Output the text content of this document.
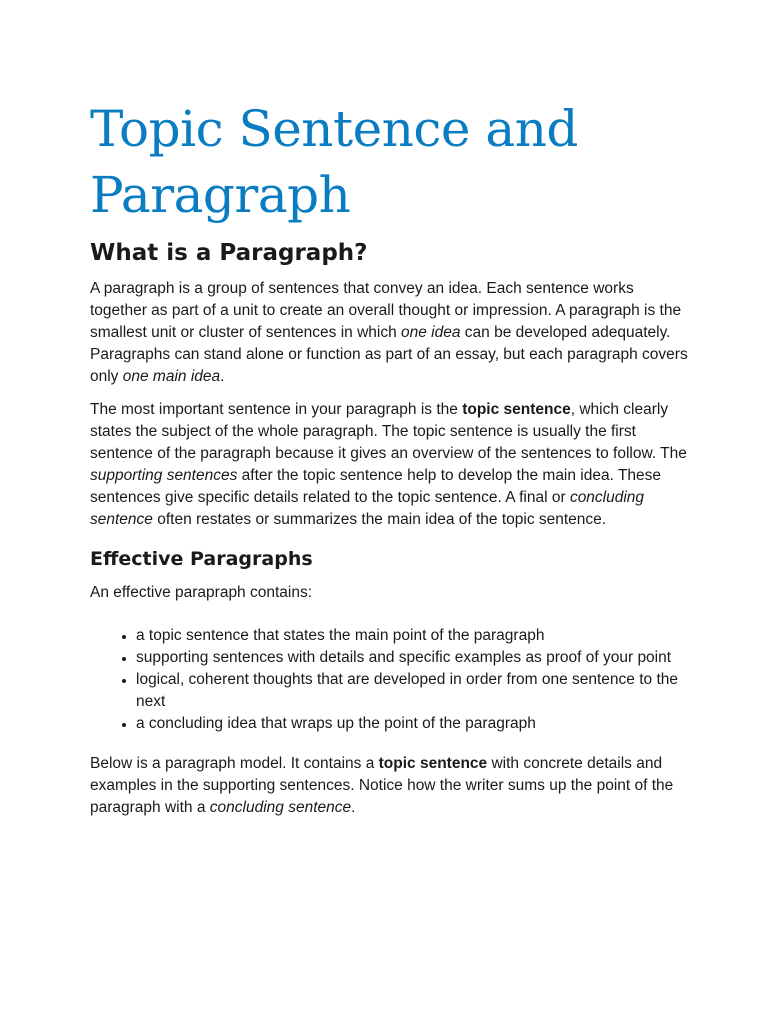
Topic Sentence and
Paragraph
What is a Paragraph?

A paragraph is a group of sentences that convey an idea. Each sentence works together as part of a unit to create an overall thought or impression. A paragraph is the smallest unit or cluster of sentences in which one idea can be developed adequately. Paragraphs can stand alone or function as part of an essay, but each paragraph covers only one main idea.

The most important sentence in your paragraph is the topic sentence, which clearly states the subject of the whole paragraph. The topic sentence is usually the first sentence of the paragraph because it gives an overview of the sentences to follow. The supporting sentences after the topic sentence help to develop the main idea. These sentences give specific details related to the topic sentence. A final or concluding sentence often restates or summarizes the main idea of the topic sentence.

Effective Paragraphs

An effective parapraph contains:

• a topic sentence that states the main point of the paragraph
• supporting sentences with details and specific examples as proof of your point
• logical, coherent thoughts that are developed in order from one sentence to the next
• a concluding idea that wraps up the point of the paragraph

Below is a paragraph model. It contains a topic sentence with concrete details and examples in the supporting sentences. Notice how the writer sums up the point of the paragraph with a concluding sentence.
